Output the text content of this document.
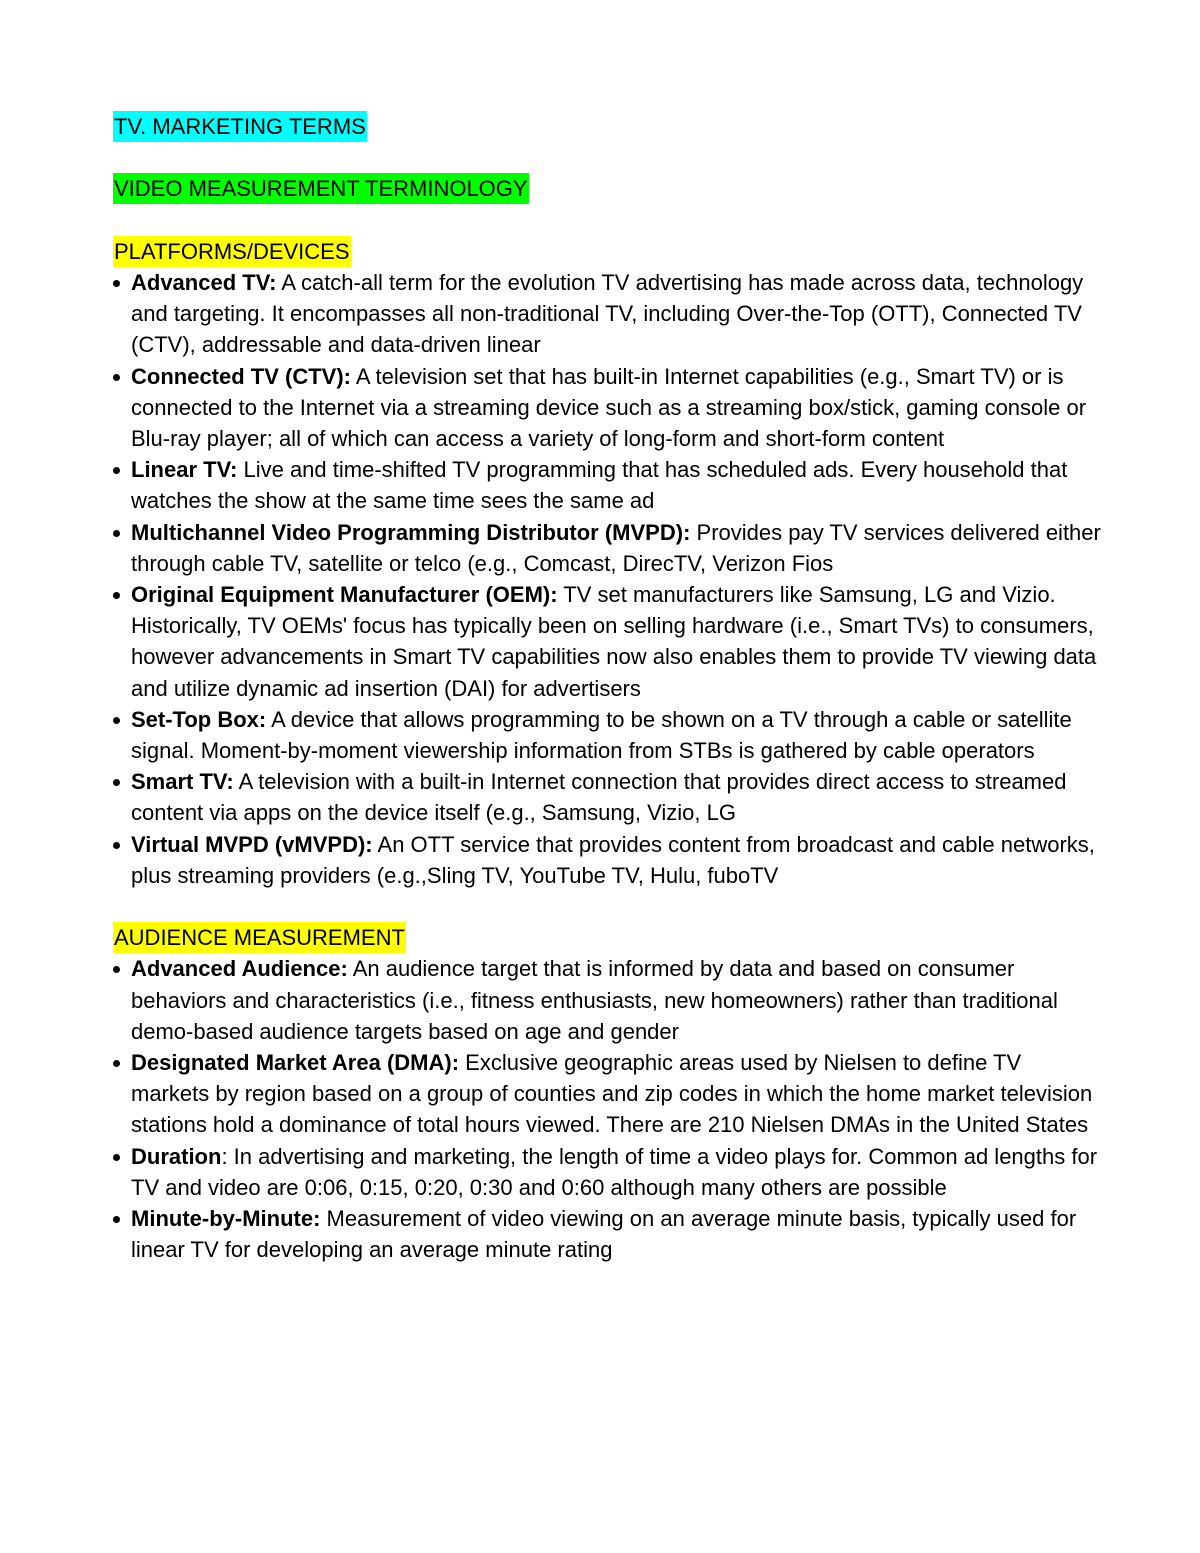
TV. MARKETING TERMS
VIDEO MEASUREMENT TERMINOLOGY
PLATFORMS/DEVICES
Advanced TV: A catch-all term for the evolution TV advertising has made across data, technology and targeting. It encompasses all non-traditional TV, including Over-the-Top (OTT), Connected TV (CTV), addressable and data-driven linear
Connected TV (CTV): A television set that has built-in Internet capabilities (e.g., Smart TV) or is connected to the Internet via a streaming device such as a streaming box/stick, gaming console or Blu-ray player; all of which can access a variety of long-form and short-form content
Linear TV: Live and time-shifted TV programming that has scheduled ads. Every household that watches the show at the same time sees the same ad
Multichannel Video Programming Distributor (MVPD): Provides pay TV services delivered either through cable TV, satellite or telco (e.g., Comcast, DirecTV, Verizon Fios
Original Equipment Manufacturer (OEM): TV set manufacturers like Samsung, LG and Vizio. Historically, TV OEMs' focus has typically been on selling hardware (i.e., Smart TVs) to consumers, however advancements in Smart TV capabilities now also enables them to provide TV viewing data and utilize dynamic ad insertion (DAI) for advertisers
Set-Top Box: A device that allows programming to be shown on a TV through a cable or satellite signal. Moment-by-moment viewership information from STBs is gathered by cable operators
Smart TV: A television with a built-in Internet connection that provides direct access to streamed content via apps on the device itself (e.g., Samsung, Vizio, LG
Virtual MVPD (vMVPD): An OTT service that provides content from broadcast and cable networks, plus streaming providers (e.g.,Sling TV, YouTube TV, Hulu, fuboTV
AUDIENCE MEASUREMENT
Advanced Audience: An audience target that is informed by data and based on consumer behaviors and characteristics (i.e., fitness enthusiasts, new homeowners) rather than traditional demo-based audience targets based on age and gender
Designated Market Area (DMA): Exclusive geographic areas used by Nielsen to define TV markets by region based on a group of counties and zip codes in which the home market television stations hold a dominance of total hours viewed. There are 210 Nielsen DMAs in the United States
Duration: In advertising and marketing, the length of time a video plays for. Common ad lengths for TV and video are 0:06, 0:15, 0:20, 0:30 and 0:60 although many others are possible
Minute-by-Minute: Measurement of video viewing on an average minute basis, typically used for linear TV for developing an average minute rating
